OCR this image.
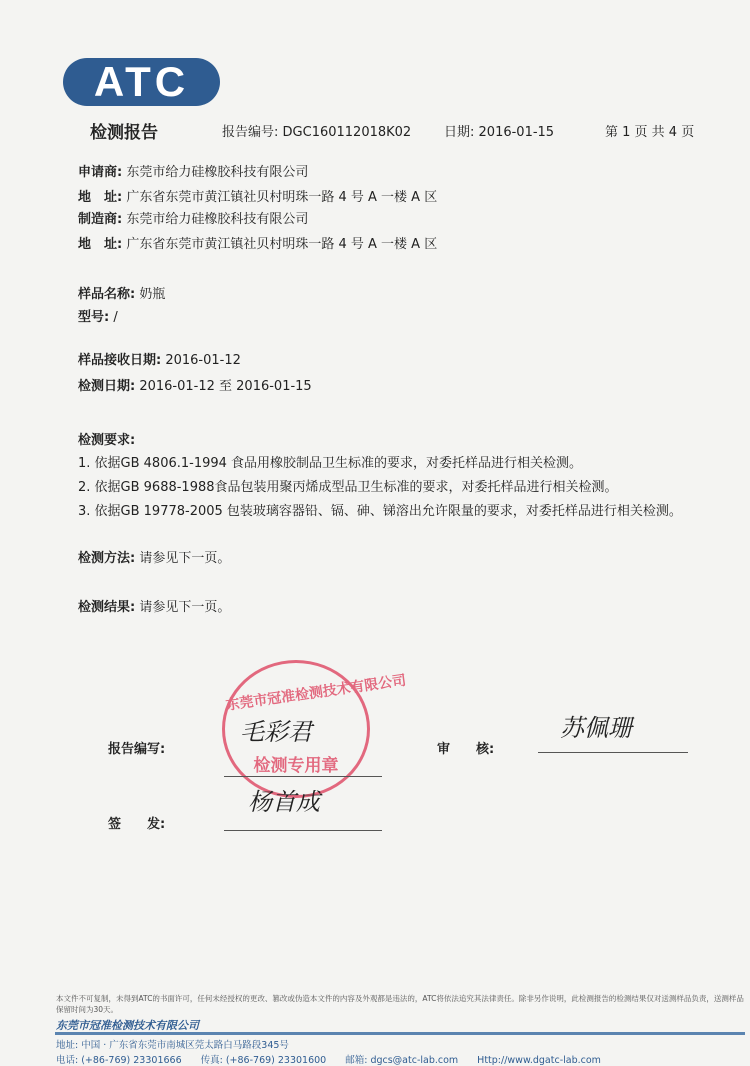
ATC
检测报告	报告编号: DGC160112018K02	日期: 2016-01-15	第 1 页 共 4 页
申请商: 东莞市给力硅橡胶科技有限公司
地　址: 广东省东莞市黄江镇社贝村明珠一路 4 号 A 一楼 A 区
制造商: 东莞市给力硅橡胶科技有限公司
地　址: 广东省东莞市黄江镇社贝村明珠一路 4 号 A 一楼 A 区
样品名称: 奶瓶
型号: /
样品接收日期: 2016-01-12
检测日期: 2016-01-12 至 2016-01-15
检测要求:
1. 依据GB 4806.1-1994 食品用橡胶制品卫生标准的要求，对委托样品进行相关检测。
2. 依据GB 9688-1988食品包装用聚丙烯成型品卫生标准的要求，对委托样品进行相关检测。
3. 依据GB 19778-2005 包装玻璃容器铅、镉、砷、锑溶出允许限量的要求，对委托样品进行相关检测。
检测方法: 请参见下一页。
检测结果: 请参见下一页。
东莞市冠准检测技术有限公司
检测专用章
报告编写:
毛彩君
审　　核:
苏佩珊
签　　发:
杨首成
本文件不可复制，未得到ATC的书面许可，任何未经授权的更改、篡改或伪造本文件的内容及外观都是违法的，ATC将依法追究其法律责任。除非另作说明，此检测报告的检测结果仅对送测样品负责，送测样品保留时间为30天。
东莞市冠准检测技术有限公司
地址: 中国 · 广东省东莞市南城区莞太路白马路段345号
电话: (+86-769) 23301666　　传真: (+86-769) 23301600　　邮箱: dgcs@atc-lab.com　　Http://www.dgatc-lab.com
